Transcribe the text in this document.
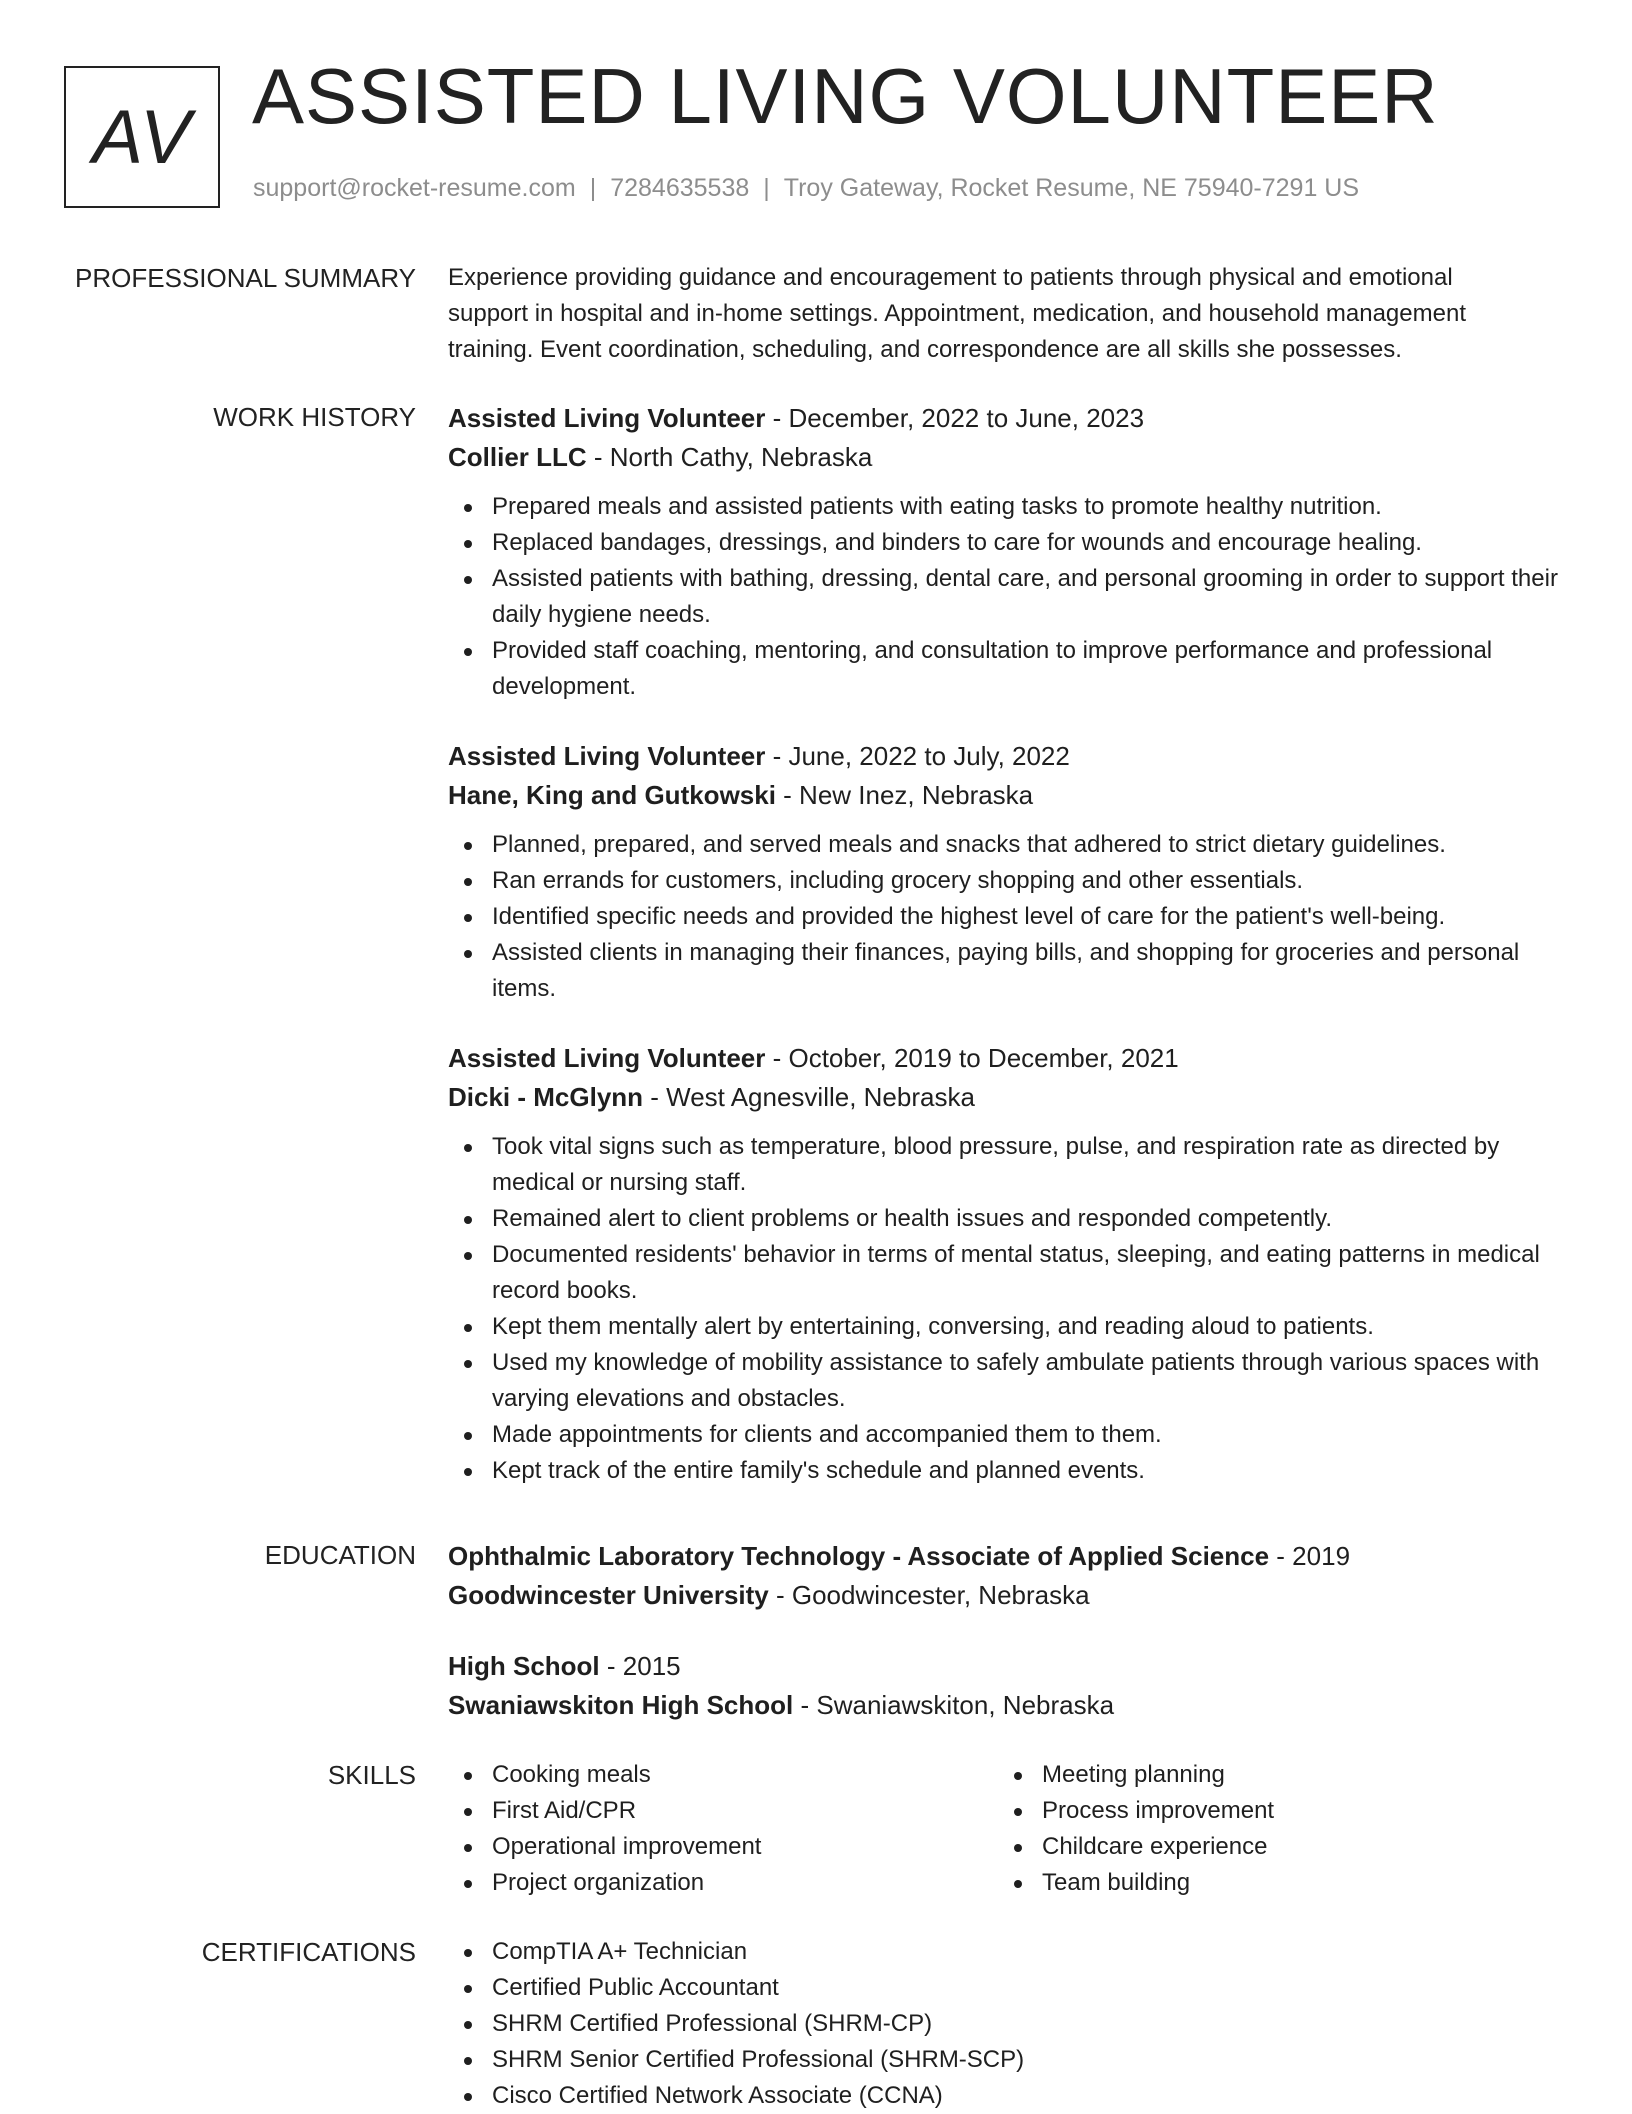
AV ASSISTED LIVING VOLUNTEER
support@rocket-resume.com | 7284635538 | Troy Gateway, Rocket Resume, NE 75940-7291 US
PROFESSIONAL SUMMARY Experience providing guidance and encouragement to patients through physical and emotional
support in hospital and in-home settings. Appointment, medication, and household management
training. Event coordination, scheduling, and correspondence are all skills she possesses.

WORK HISTORY Assisted Living Volunteer - December, 2022 to June, 2023

Collier LLC - North Cathy, Nebraska

Prepared meals and assisted patients with eating tasks to promote healthy nutrition.
Replaced bandages, dressings, and binders to care for wounds and encourage healing.
Assisted patients with bathing, dressing, dental care, and personal grooming in order to support their daily hygiene needs.
Provided staff coaching, mentoring, and consultation to improve performance and professional development.

Assisted Living Volunteer - June, 2022 to July, 2022

Hane, King and Gutkowski - New Inez, Nebraska

Planned, prepared, and served meals and snacks that adhered to strict dietary guidelines.
Ran errands for customers, including grocery shopping and other essentials.
Identified specific needs and provided the highest level of care for the patient's well-being.
Assisted clients in managing their finances, paying bills, and shopping for groceries and personal items.

Assisted Living Volunteer - October, 2019 to December, 2021

Dicki - McGlynn - West Agnesville, Nebraska

Took vital signs such as temperature, blood pressure, pulse, and respiration rate as directed by medical or nursing staff.
Remained alert to client problems or health issues and responded competently.
Documented residents' behavior in terms of mental status, sleeping, and eating patterns in medical record books.
Kept them mentally alert by entertaining, conversing, and reading aloud to patients.
Used my knowledge of mobility assistance to safely ambulate patients through various spaces with varying elevations and obstacles.
Made appointments for clients and accompanied them to them.
Kept track of the entire family's schedule and planned events.
EDUCATION Ophthalmic Laboratory Technology - Associate of Applied Science - 2019

Goodwincester University - Goodwincester, Nebraska

High School - 2015

Swaniawskiton High School - Swaniawskiton, Nebraska

SKILLS	Cooking meals
First Aid/CPR
Operational improvement
Project organization
Meeting planning
Process improvement
Childcare experience
Team building
CERTIFICATIONS	CompTIA A+ Technician
Certified Public Accountant
SHRM Certified Professional (SHRM-CP)
SHRM Senior Certified Professional (SHRM-SCP)
Cisco Certified Network Associate (CCNA)
